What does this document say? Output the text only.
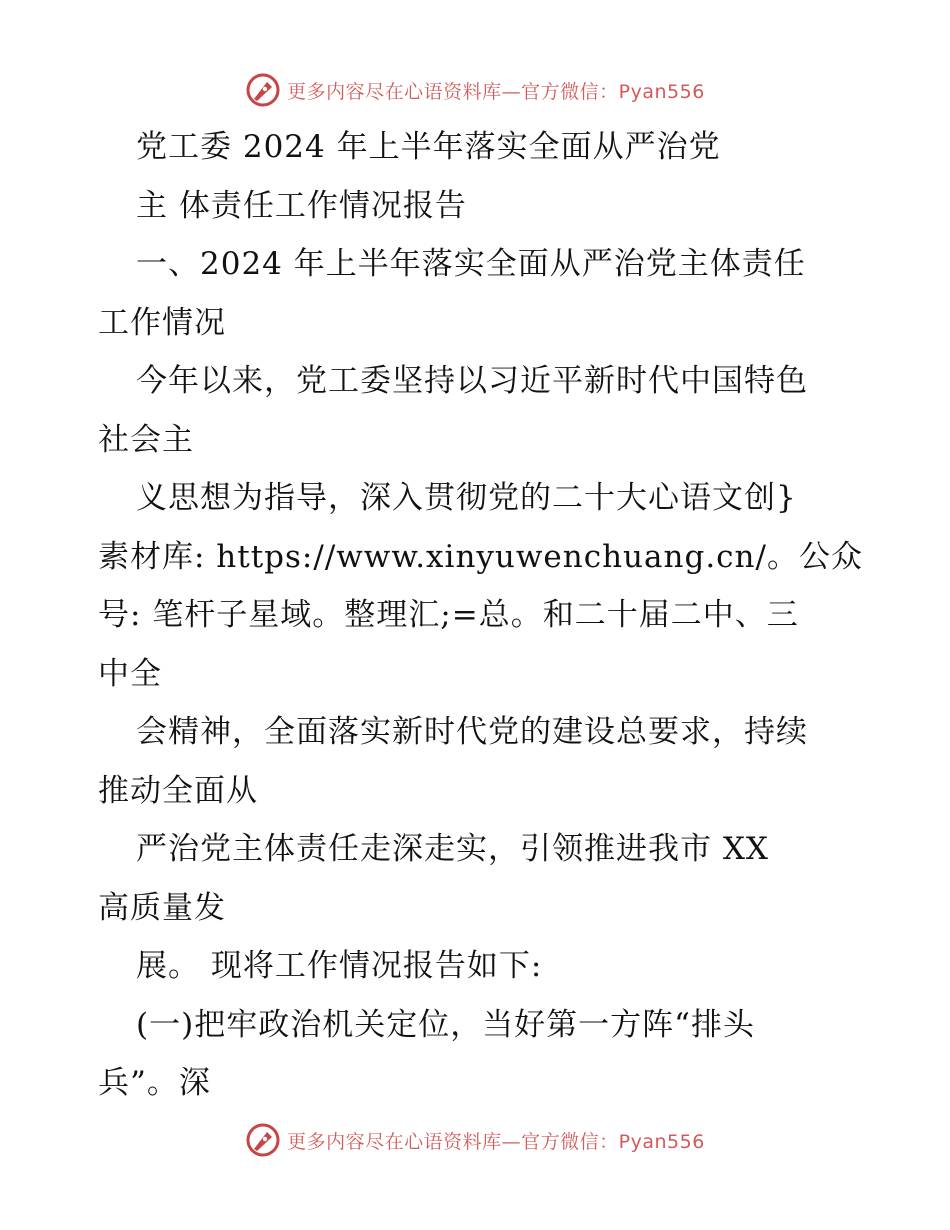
更多内容尽在心语资料库—官方微信：Pyan556
党工委 2024 年上半年落实全面从严治党
主 体责任工作情况报告
一、2024 年上半年落实全面从严治党主体责任
工作情况
今年以来，党工委坚持以习近平新时代中国特色
社会主
义思想为指导，深入贯彻党的二十大心语文创}
素材库: https://www.xinyuwenchuang.cn/。公众
号: 笔杆子星域。整理汇;=总。和二十届二中、三
中全
会精神，全面落实新时代党的建设总要求，持续
推动全面从
严治党主体责任走深走实，引领推进我市 XX
高质量发
展。 现将工作情况报告如下:
(一)把牢政治机关定位，当好第一方阵“排头
兵”。深
更多内容尽在心语资料库—官方微信：Pyan556
